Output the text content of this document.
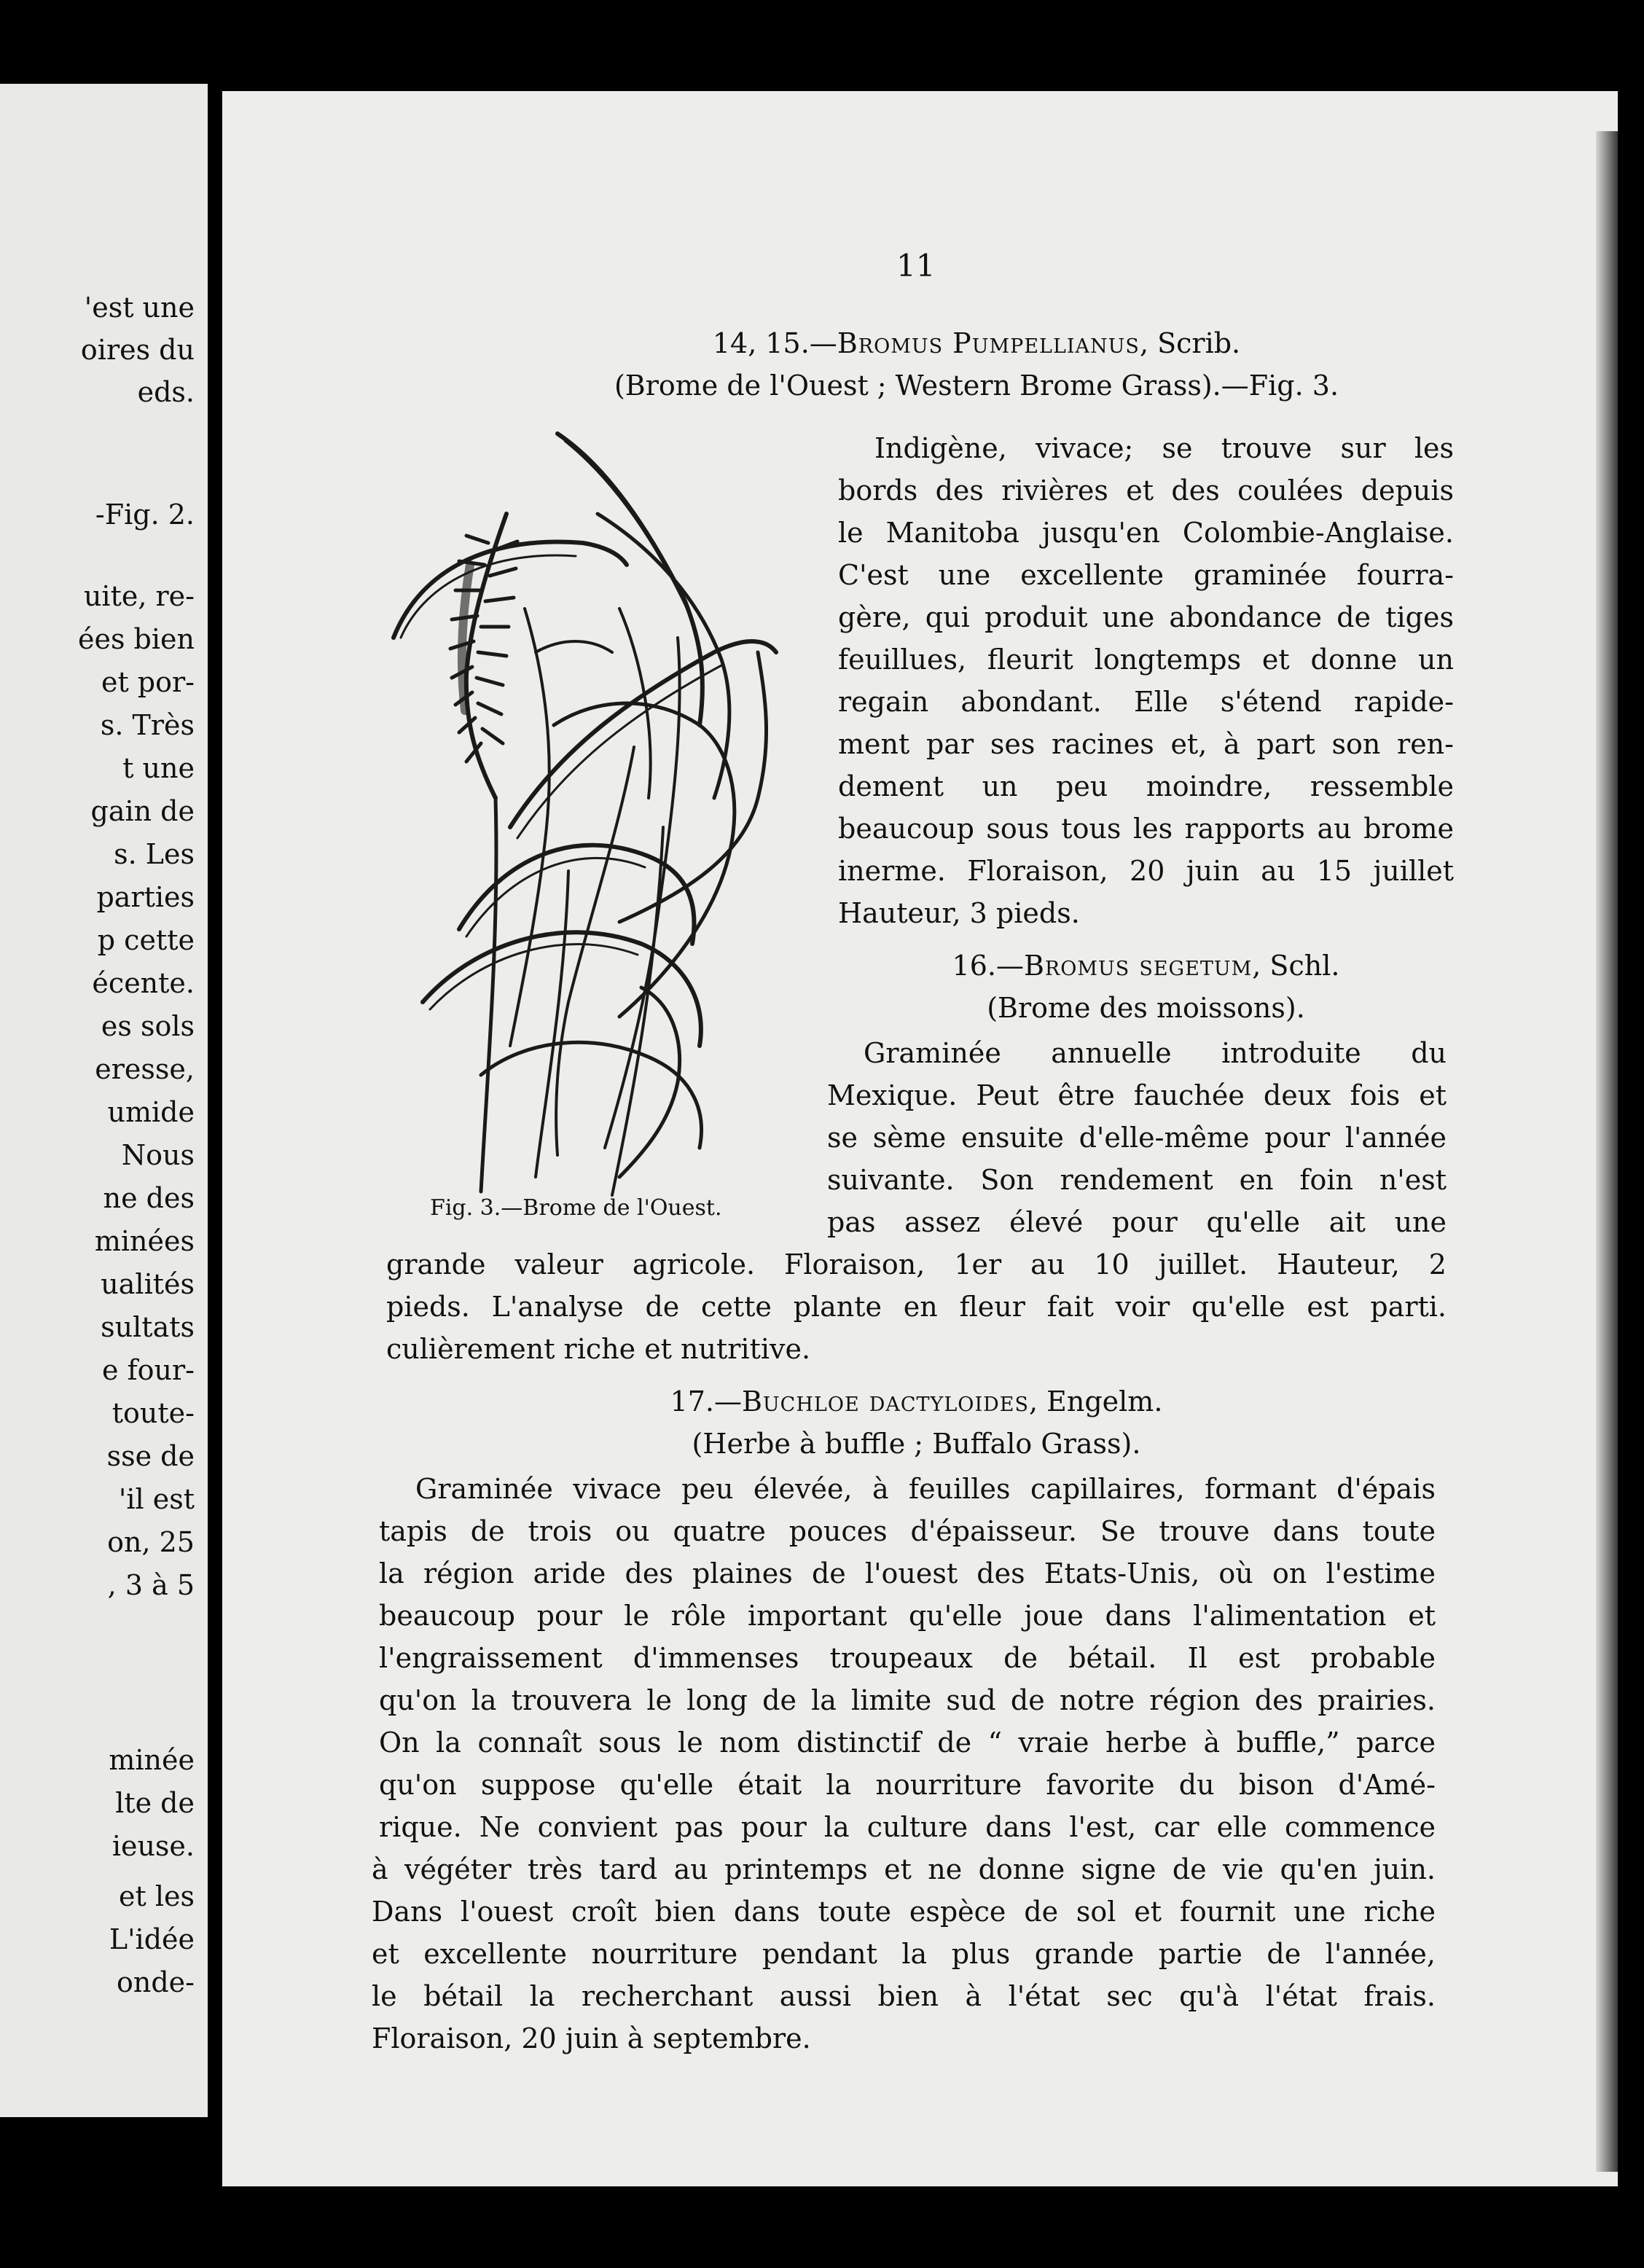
'est une
oires du
eds.
-Fig. 2.
uite, re-
ées bien
et por-
s. Très
t une
gain de
s. Les
parties
p cette
écente.
es sols
eresse,
umide
Nous
ne des
minées
ualités
sultats
e four-
toute-
sse de
'il est
on, 25
, 3 à 5
minée
lte de
ieuse.
et les
L'idée
onde-
11
14, 15.—Bromus Pumpellianus, Scrib.
(Brome de l'Ouest ; Western Brome Grass).—Fig. 3.
Indigène, vivace; se trouve sur les
bords des rivières et des coulées depuis
le Manitoba jusqu'en Colombie-Anglaise.
C'est une excellente graminée fourra-
gère, qui produit une abondance de tiges
feuillues, fleurit longtemps et donne un
regain abondant. Elle s'étend rapide-
ment par ses racines et, à part son ren-
dement un peu moindre, ressemble
beaucoup sous tous les rapports au brome
inerme. Floraison, 20 juin au 15 juillet
Hauteur, 3 pieds.
16.—Bromus segetum, Schl.
(Brome des moissons).
Graminée annuelle introduite du
Mexique. Peut être fauchée deux fois et
se sème ensuite d'elle-même pour l'année
suivante. Son rendement en foin n'est
pas assez élevé pour qu'elle ait une
grande valeur agricole. Floraison, 1er au 10 juillet. Hauteur, 2
pieds. L'analyse de cette plante en fleur fait voir qu'elle est parti.
culièrement riche et nutritive.
17.—Buchloe dactyloides, Engelm.
(Herbe à buffle ; Buffalo Grass).
Graminée vivace peu élevée, à feuilles capillaires, formant d'épais
tapis de trois ou quatre pouces d'épaisseur. Se trouve dans toute
la région aride des plaines de l'ouest des Etats-Unis, où on l'estime
beaucoup pour le rôle important qu'elle joue dans l'alimentation et
l'engraissement d'immenses troupeaux de bétail. Il est probable
qu'on la trouvera le long de la limite sud de notre région des prairies.
On la connaît sous le nom distinctif de “ vraie herbe à buffle,” parce
qu'on suppose qu'elle était la nourriture favorite du bison d'Amé-
rique. Ne convient pas pour la culture dans l'est, car elle commence
à végéter très tard au printemps et ne donne signe de vie qu'en juin.
Dans l'ouest croît bien dans toute espèce de sol et fournit une riche
et excellente nourriture pendant la plus grande partie de l'année,
le bétail la recherchant aussi bien à l'état sec qu'à l'état frais.
Floraison, 20 juin à septembre.
Fig. 3.—Brome de l'Ouest.
